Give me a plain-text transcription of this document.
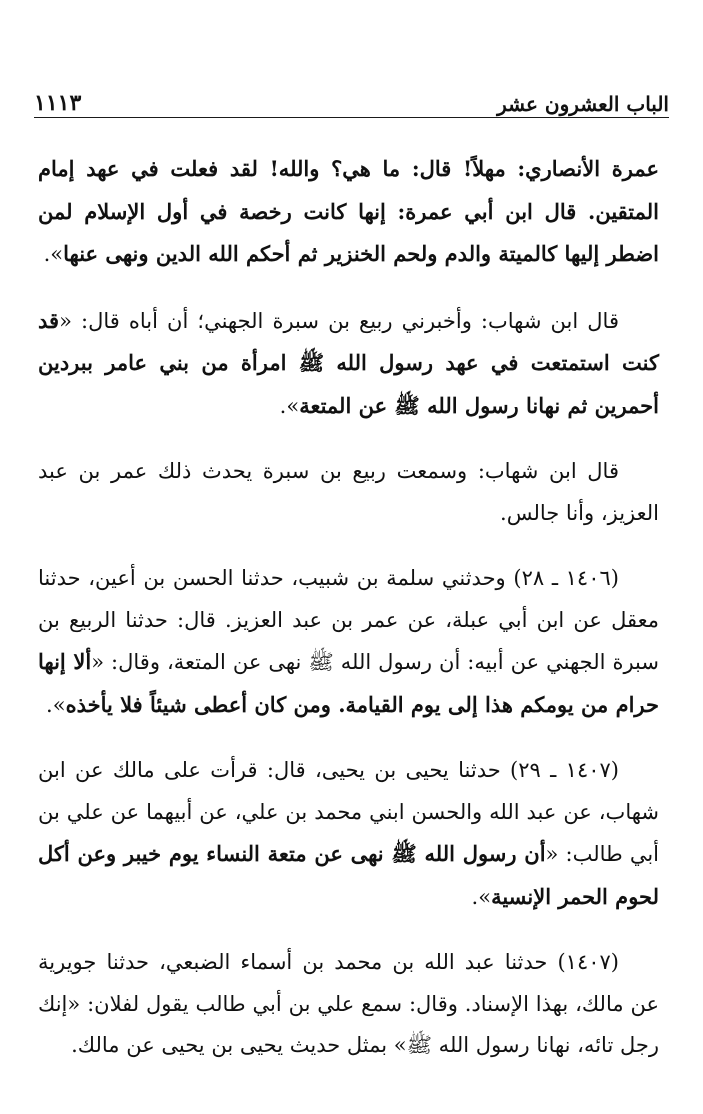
الباب العشرون عشر
١١١٣

عمرة الأنصاري: مهلاً! قال: ما هي؟ والله! لقد فعلت في عهد إمام المتقين. قال ابن أبي عمرة: إنها كانت رخصة في أول الإسلام لمن اضطر إليها كالميتة والدم ولحم الخنزير ثم أحكم الله الدين ونهى عنها».

قال ابن شهاب: وأخبرني ربيع بن سبرة الجهني؛ أن أباه قال: «قد كنت استمتعت في عهد رسول الله ﷺ امرأة من بني عامر ببردين أحمرين ثم نهانا رسول الله ﷺ عن المتعة».

قال ابن شهاب: وسمعت ربيع بن سبرة يحدث ذلك عمر بن عبد العزيز، وأنا جالس.

(١٤٠٦ ـ ٢٨) وحدثني سلمة بن شبيب، حدثنا الحسن بن أعين، حدثنا معقل عن ابن أبي عبلة، عن عمر بن عبد العزيز. قال: حدثنا الربيع بن سبرة الجهني عن أبيه: أن رسول الله ﷺ نهى عن المتعة، وقال: «ألا إنها حرام من يومكم هذا إلى يوم القيامة. ومن كان أعطى شيئاً فلا يأخذه».

(١٤٠٧ ـ ٢٩) حدثنا يحيى بن يحيى، قال: قرأت على مالك عن ابن شهاب، عن عبد الله والحسن ابني محمد بن علي، عن أبيهما عن علي بن أبي طالب: «أن رسول الله ﷺ نهى عن متعة النساء يوم خيبر وعن أكل لحوم الحمر الإنسية».

(١٤٠٧) حدثنا عبد الله بن محمد بن أسماء الضبعي، حدثنا جويرية عن مالك، بهذا الإسناد. وقال: سمع علي بن أبي طالب يقول لفلان: «إنك رجل تائه، نهانا رسول الله ﷺ» بمثل حديث يحيى بن يحيى عن مالك.
